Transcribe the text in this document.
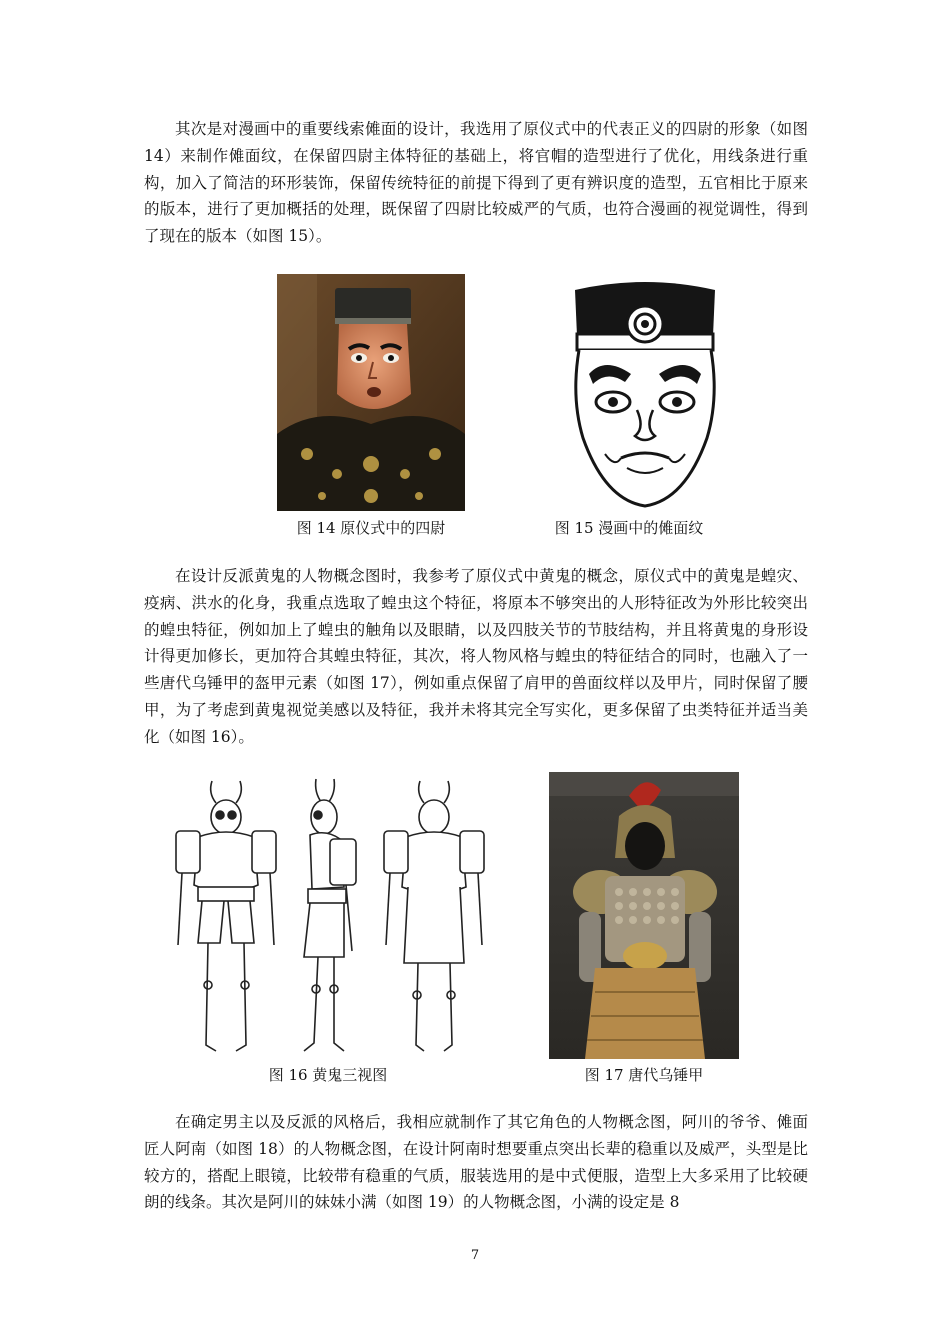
其次是对漫画中的重要线索傩面的设计，我选用了原仪式中的代表正义的四尉的形象（如图 14）来制作傩面纹，在保留四尉主体特征的基础上，将官帽的造型进行了优化，用线条进行重构，加入了简洁的环形装饰，保留传统特征的前提下得到了更有辨识度的造型，五官相比于原来的版本，进行了更加概括的处理，既保留了四尉比较威严的气质，也符合漫画的视觉调性，得到了现在的版本（如图 15）。

图 14 原仪式中的四尉	图 15 漫画中的傩面纹

在设计反派黄鬼的人物概念图时，我参考了原仪式中黄鬼的概念，原仪式中的黄鬼是蝗灾、疫病、洪水的化身，我重点选取了蝗虫这个特征，将原本不够突出的人形特征改为外形比较突出的蝗虫特征，例如加上了蝗虫的触角以及眼睛，以及四肢关节的节肢结构，并且将黄鬼的身形设计得更加修长，更加符合其蝗虫特征，其次，将人物风格与蝗虫的特征结合的同时，也融入了一些唐代乌锤甲的盔甲元素（如图 17），例如重点保留了肩甲的兽面纹样以及甲片，同时保留了腰甲，为了考虑到黄鬼视觉美感以及特征，我并未将其完全写实化，更多保留了虫类特征并适当美化（如图 16）。

图 16 黄鬼三视图	图 17 唐代乌锤甲

在确定男主以及反派的风格后，我相应就制作了其它角色的人物概念图，阿川的爷爷、傩面匠人阿南（如图 18）的人物概念图，在设计阿南时想要重点突出长辈的稳重以及威严，头型是比较方的，搭配上眼镜，比较带有稳重的气质，服装选用的是中式便服，造型上大多采用了比较硬朗的线条。其次是阿川的妹妹小满（如图 19）的人物概念图，小满的设定是 8

7
